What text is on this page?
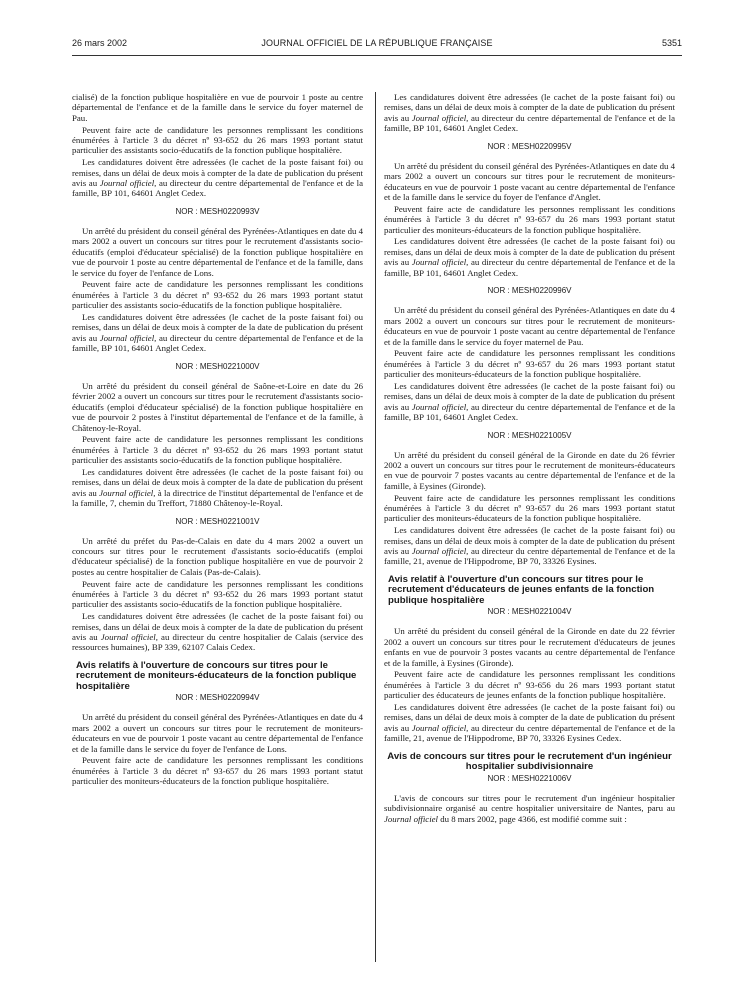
26 mars 2002	JOURNAL OFFICIEL DE LA RÉPUBLIQUE FRANÇAISE	5351

cialisé) de la fonction publique hospitalière en vue de pourvoir 1 poste au centre départemental de l'enfance et de la famille dans le service du foyer maternel de Pau.

Peuvent faire acte de candidature les personnes remplissant les conditions énumérées à l'article 3 du décret nº 93-652 du 26 mars 1993 portant statut particulier des assistants socio-éducatifs de la fonction publique hospitalière.

Les candidatures doivent être adressées (le cachet de la poste faisant foi) ou remises, dans un délai de deux mois à compter de la date de publication du présent avis au Journal officiel, au directeur du centre départemental de l'enfance et de la famille, BP 101, 64601 Anglet Cedex.

NOR : MESH0220993V

Un arrêté du président du conseil général des Pyrénées-Atlantiques en date du 4 mars 2002 a ouvert un concours sur titres pour le recrutement d'assistants socio-éducatifs (emploi d'éducateur spécialisé) de la fonction publique hospitalière en vue de pourvoir 1 poste au centre départemental de l'enfance et de la famille, dans le service du foyer de l'enfance de Lons.

Peuvent faire acte de candidature les personnes remplissant les conditions énumérées à l'article 3 du décret nº 93-652 du 26 mars 1993 portant statut particulier des assistants socio-éducatifs de la fonction publique hospitalière.

Les candidatures doivent être adressées (le cachet de la poste faisant foi) ou remises, dans un délai de deux mois à compter de la date de publication du présent avis au Journal officiel, au directeur du centre départemental de l'enfance et de la famille, BP 101, 64601 Anglet Cedex.

NOR : MESH0221000V

Un arrêté du président du conseil général de Saône-et-Loire en date du 26 février 2002 a ouvert un concours sur titres pour le recrutement d'assistants socio-éducatifs (emploi d'éducateur spécialisé) de la fonction publique hospitalière en vue de pourvoir 2 postes à l'institut départemental de l'enfance et de la famille, à Châtenoy-le-Royal.

Peuvent faire acte de candidature les personnes remplissant les conditions énumérées à l'article 3 du décret nº 93-652 du 26 mars 1993 portant statut particulier des assistants socio-éducatifs de la fonction publique hospitalière.

Les candidatures doivent être adressées (le cachet de la poste faisant foi) ou remises, dans un délai de deux mois à compter de la date de publication du présent avis au Journal officiel, à la directrice de l'institut départemental de l'enfance et de la famille, 7, chemin du Treffort, 71880 Châtenoy-le-Royal.

NOR : MESH0221001V

Un arrêté du préfet du Pas-de-Calais en date du 4 mars 2002 a ouvert un concours sur titres pour le recrutement d'assistants socio-éducatifs (emploi d'éducateur spécialisé) de la fonction publique hospitalière en vue de pourvoir 2 postes au centre hospitalier de Calais (Pas-de-Calais).

Peuvent faire acte de candidature les personnes remplissant les conditions énumérées à l'article 3 du décret nº 93-652 du 26 mars 1993 portant statut particulier des assistants socio-éducatifs de la fonction publique hospitalière.

Les candidatures doivent être adressées (le cachet de la poste faisant foi) ou remises, dans un délai de deux mois à compter de la date de publication du présent avis au Journal officiel, au directeur du centre hospitalier de Calais (service des ressources humaines), BP 339, 62107 Calais Cedex.

Avis relatifs à l'ouverture de concours sur titres pour le recrutement de moniteurs-éducateurs de la fonction publique hospitalière
NOR : MESH0220994V

Un arrêté du président du conseil général des Pyrénées-Atlantiques en date du 4 mars 2002 a ouvert un concours sur titres pour le recrutement de moniteurs-éducateurs en vue de pourvoir 1 poste vacant au centre départemental de l'enfance et de la famille dans le service du foyer de l'enfance de Lons.

Peuvent faire acte de candidature les personnes remplissant les conditions énumérées à l'article 3 du décret nº 93-657 du 26 mars 1993 portant statut particulier des moniteurs-éducateurs de la fonction publique hospitalière.

Les candidatures doivent être adressées (le cachet de la poste faisant foi) ou remises, dans un délai de deux mois à compter de la date de publication du présent avis au Journal officiel, au directeur du centre départemental de l'enfance et de la famille, BP 101, 64601 Anglet Cedex.

NOR : MESH0220995V

Un arrêté du président du conseil général des Pyrénées-Atlantiques en date du 4 mars 2002 a ouvert un concours sur titres pour le recrutement de moniteurs-éducateurs en vue de pourvoir 1 poste vacant au centre départemental de l'enfance et de la famille dans le service du foyer de l'enfance d'Anglet.

Peuvent faire acte de candidature les personnes remplissant les conditions énumérées à l'article 3 du décret nº 93-657 du 26 mars 1993 portant statut particulier des moniteurs-éducateurs de la fonction publique hospitalière.

Les candidatures doivent être adressées (le cachet de la poste faisant foi) ou remises, dans un délai de deux mois à compter de la date de publication du présent avis au Journal officiel, au directeur du centre départemental de l'enfance et de la famille, BP 101, 64601 Anglet Cedex.

NOR : MESH0220996V

Un arrêté du président du conseil général des Pyrénées-Atlantiques en date du 4 mars 2002 a ouvert un concours sur titres pour le recrutement de moniteurs-éducateurs en vue de pourvoir 1 poste vacant au centre départemental de l'enfance et de la famille dans le service du foyer maternel de Pau.

Peuvent faire acte de candidature les personnes remplissant les conditions énumérées à l'article 3 du décret nº 93-657 du 26 mars 1993 portant statut particulier des moniteurs-éducateurs de la fonction publique hospitalière.

Les candidatures doivent être adressées (le cachet de la poste faisant foi) ou remises, dans un délai de deux mois à compter de la date de publication du présent avis au Journal officiel, au directeur du centre départemental de l'enfance et de la famille, BP 101, 64601 Anglet Cedex.

NOR : MESH0221005V

Un arrêté du président du conseil général de la Gironde en date du 26 février 2002 a ouvert un concours sur titres pour le recrutement de moniteurs-éducateurs en vue de pourvoir 7 postes vacants au centre départemental de l'enfance et de la famille, à Eysines (Gironde).

Peuvent faire acte de candidature les personnes remplissant les conditions énumérées à l'article 3 du décret nº 93-657 du 26 mars 1993 portant statut particulier des moniteurs-éducateurs de la fonction publique hospitalière.

Les candidatures doivent être adressées (le cachet de la poste faisant foi) ou remises, dans un délai de deux mois à compter de la date de publication du présent avis au Journal officiel, au directeur du centre départemental de l'enfance et de la famille, 21, avenue de l'Hippodrome, BP 70, 33326 Eysines.

Avis relatif à l'ouverture d'un concours sur titres pour le recrutement d'éducateurs de jeunes enfants de la fonction publique hospitalière
NOR : MESH0221004V

Un arrêté du président du conseil général de la Gironde en date du 22 février 2002 a ouvert un concours sur titres pour le recrutement d'éducateurs de jeunes enfants en vue de pourvoir 3 postes vacants au centre départemental de l'enfance et de la famille, à Eysines (Gironde).

Peuvent faire acte de candidature les personnes remplissant les conditions énumérées à l'article 3 du décret nº 93-656 du 26 mars 1993 portant statut particulier des éducateurs de jeunes enfants de la fonction publique hospitalière.

Les candidatures doivent être adressées (le cachet de la poste faisant foi) ou remises, dans un délai de deux mois à compter de la date de publication du présent avis au Journal officiel, au directeur du centre départemental de l'enfance et de la famille, 21, avenue de l'Hippodrome, BP 70, 33326 Eysines Cedex.

Avis de concours sur titres pour le recrutement d'un ingénieur hospitalier subdivisionnaire
NOR : MESH0221006V

L'avis de concours sur titres pour le recrutement d'un ingénieur hospitalier subdivisionnaire organisé au centre hospitalier universitaire de Nantes, paru au Journal officiel du 8 mars 2002, page 4366, est modifié comme suit :
